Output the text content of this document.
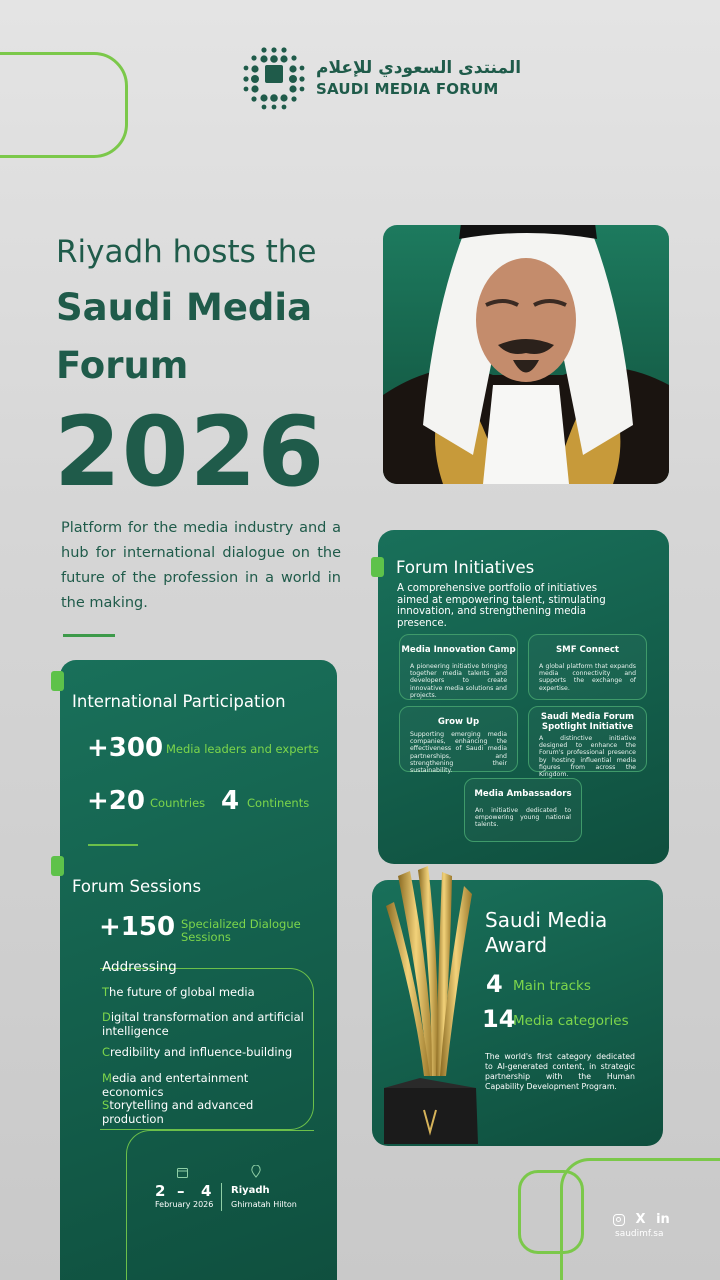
المنتدى السعودي للإعلام
SAUDI MEDIA FORUM
Riyadh hosts the
Saudi Media
Forum
2026
Platform for the media industry and a hub for international dialogue on the future of the profession in a world in the making.
International Participation
+300 Media leaders and experts
+20 Countries 4 Continents
Forum Sessions
+150 Specialized Dialogue
Sessions
Addressing
The future of global media
Digital transformation and artificial intelligence
Credibility and influence-building
Media and entertainment economics
Storytelling and advanced production
2 – 4
February 2026
Riyadh
Ghirnatah Hilton
Forum Initiatives
A comprehensive portfolio of initiatives aimed at empowering talent, stimulating innovation, and strengthening media presence.
Media Innovation Camp
A pioneering initiative bringing together media talents and developers to create innovative media solutions and projects.
SMF Connect
A global platform that expands media connectivity and supports the exchange of expertise.
Grow Up
Supporting emerging media companies, enhancing the effectiveness of Saudi media partnerships, and strengthening their sustainability.
Saudi Media Forum Spotlight Initiative
A distinctive initiative designed to enhance the Forum's professional presence by hosting influential media figures from across the Kingdom.
Media Ambassadors
An initiative dedicated to empowering young national talents.
Saudi Media
Award
4 Main tracks
14
Media categories
The world's first category dedicated to AI-generated content, in strategic partnership with the Human Capability Development Program.
X in
saudimf.sa
